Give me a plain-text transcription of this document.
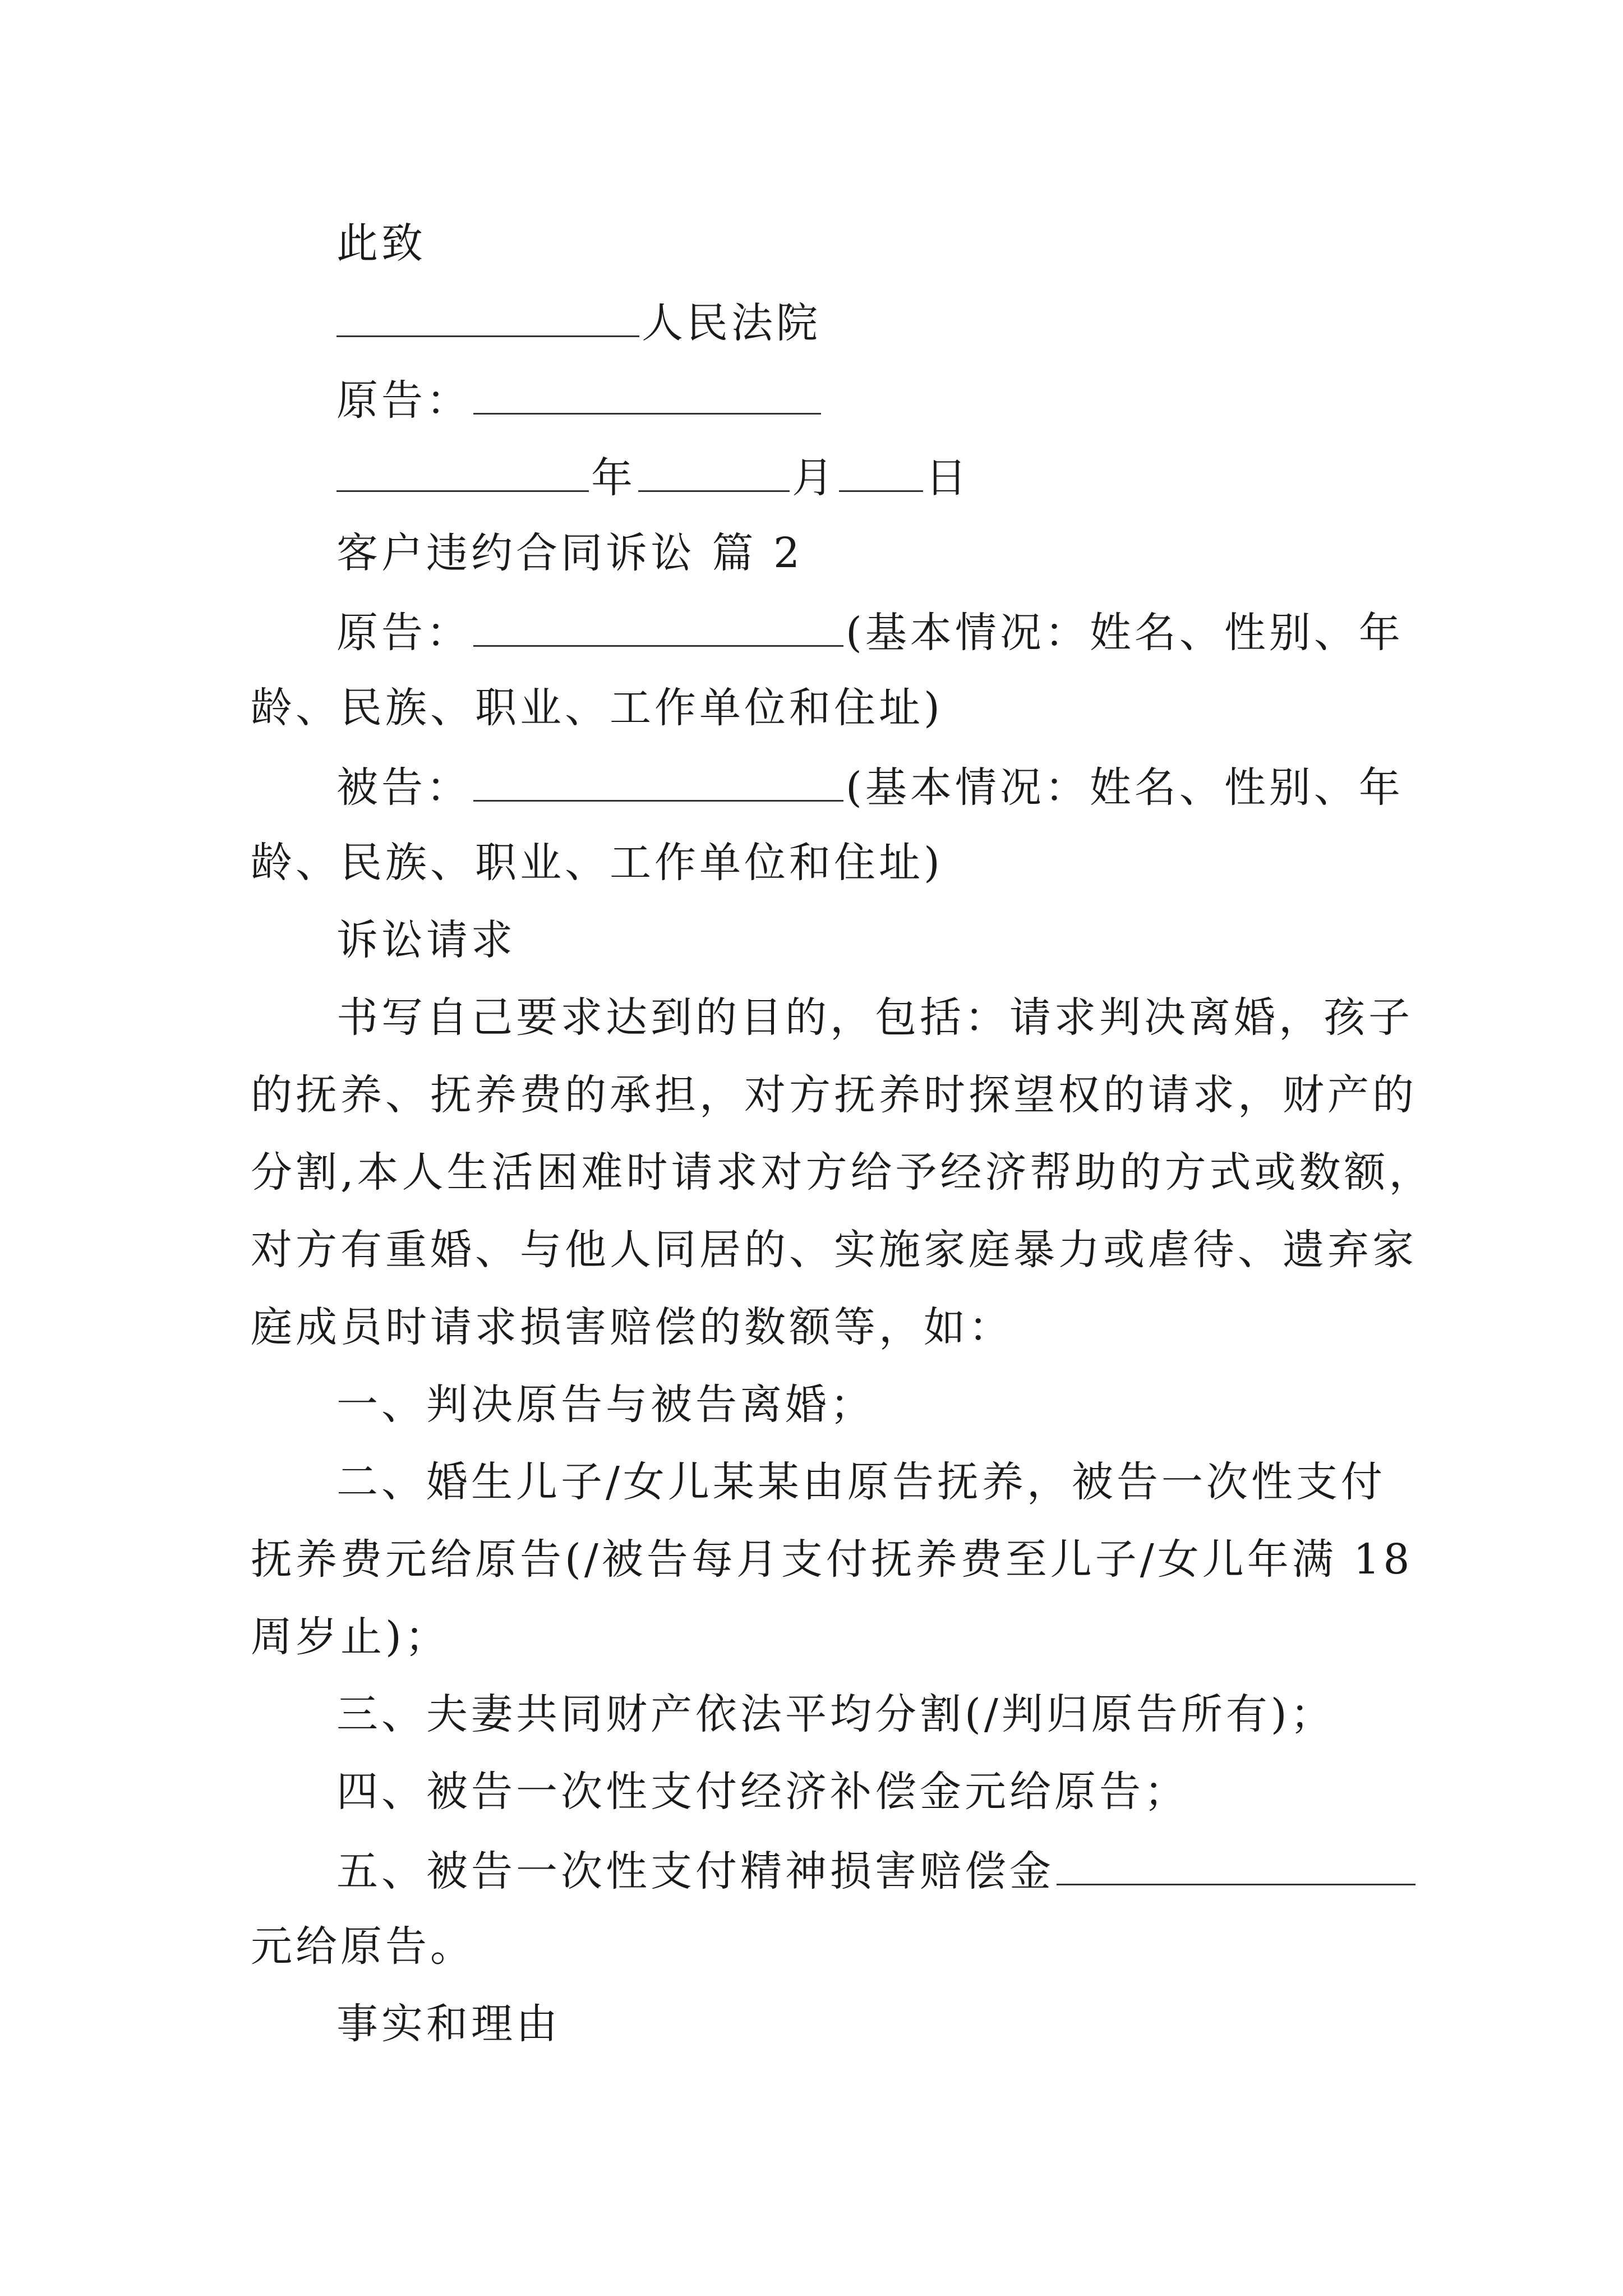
此致
人民法院
原告：
年	月 日
客户违约合同诉讼 篇 2
原告：	(基本情况：姓名、性别、年
龄、民族、职业、工作单位和住址)
被告：	(基本情况：姓名、性别、年
龄、民族、职业、工作单位和住址)
诉讼请求
书写自己要求达到的目的，包括：请求判决离婚，孩子
的抚养、抚养费的承担，对方抚养时探望权的请求，财产的
分割,本人生活困难时请求对方给予经济帮助的方式或数额，
对方有重婚、与他人同居的、实施家庭暴力或虐待、遗弃家
庭成员时请求损害赔偿的数额等，如：
一、判决原告与被告离婚；
二、婚生儿子/女儿某某由原告抚养，被告一次性支付
抚养费元给原告(/被告每月支付抚养费至儿子/女儿年满 18
周岁止)；
三、夫妻共同财产依法平均分割(/判归原告所有)；
四、被告一次性支付经济补偿金元给原告；
五、被告一次性支付精神损害赔偿金
元给原告。
事实和理由
